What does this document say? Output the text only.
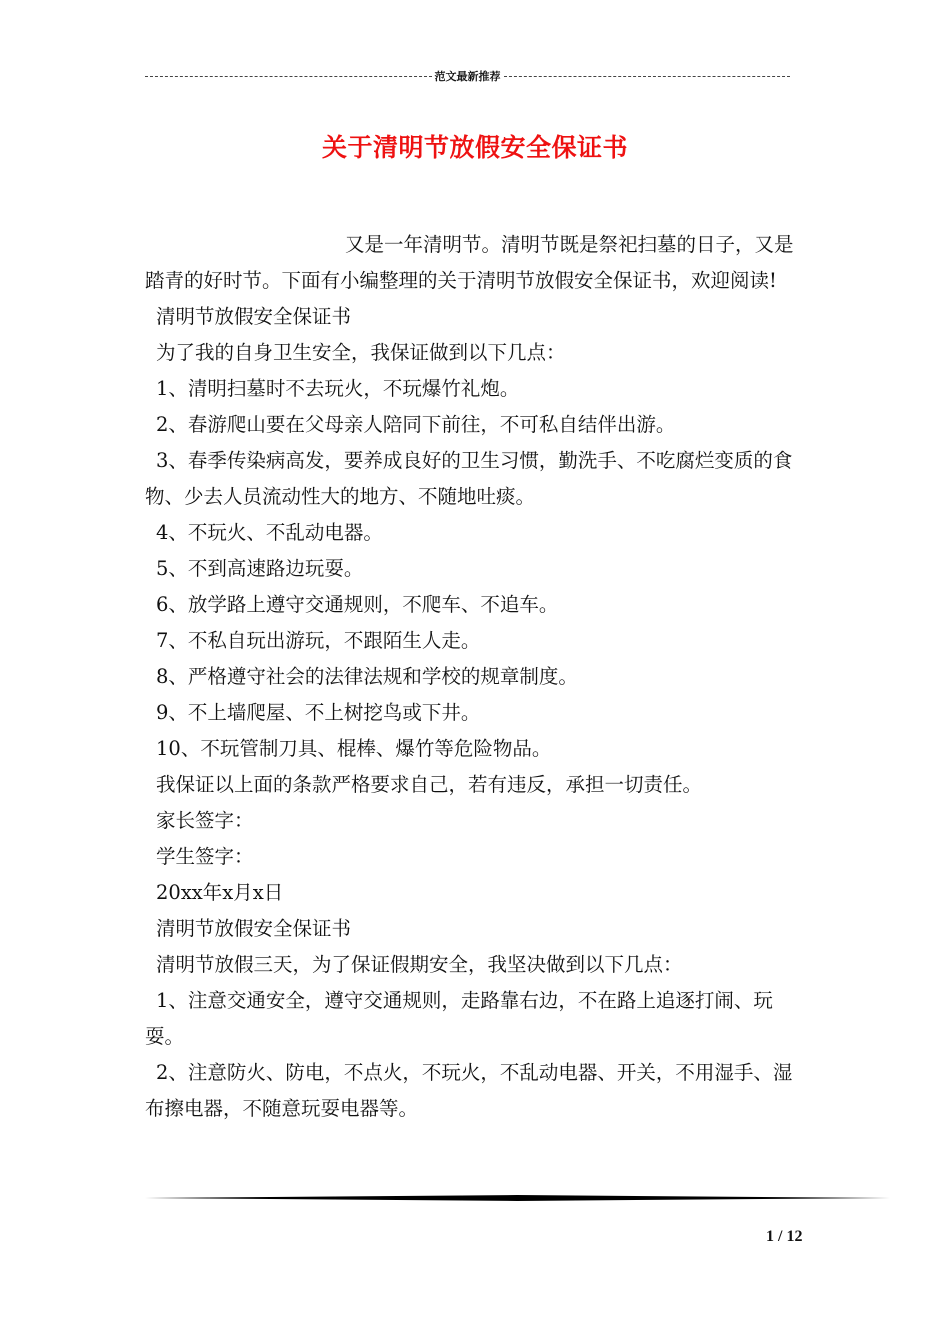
范文最新推荐
关于清明节放假安全保证书

又是一年清明节。清明节既是祭祀扫墓的日子，又是踏青的好时节。下面有小编整理的关于清明节放假安全保证书，欢迎阅读!

清明节放假安全保证书

为了我的自身卫生安全，我保证做到以下几点：

1、清明扫墓时不去玩火，不玩爆竹礼炮。

2、春游爬山要在父母亲人陪同下前往，不可私自结伴出游。

3、春季传染病高发，要养成良好的卫生习惯，勤洗手、不吃腐烂变质的食物、少去人员流动性大的地方、不随地吐痰。

4、不玩火、不乱动电器。

5、不到高速路边玩耍。

6、放学路上遵守交通规则，不爬车、不追车。

7、不私自玩出游玩，不跟陌生人走。

8、严格遵守社会的法律法规和学校的规章制度。

9、不上墙爬屋、不上树挖鸟或下井。

10、不玩管制刀具、棍棒、爆竹等危险物品。

我保证以上面的条款严格要求自己，若有违反，承担一切责任。

家长签字：

学生签字：

20xx年x月x日

清明节放假安全保证书

清明节放假三天，为了保证假期安全，我坚决做到以下几点：

1、注意交通安全，遵守交通规则，走路靠右边，不在路上追逐打闹、玩耍。

2、注意防火、防电，不点火，不玩火，不乱动电器、开关，不用湿手、湿布擦电器，不随意玩耍电器等。

1 / 12
